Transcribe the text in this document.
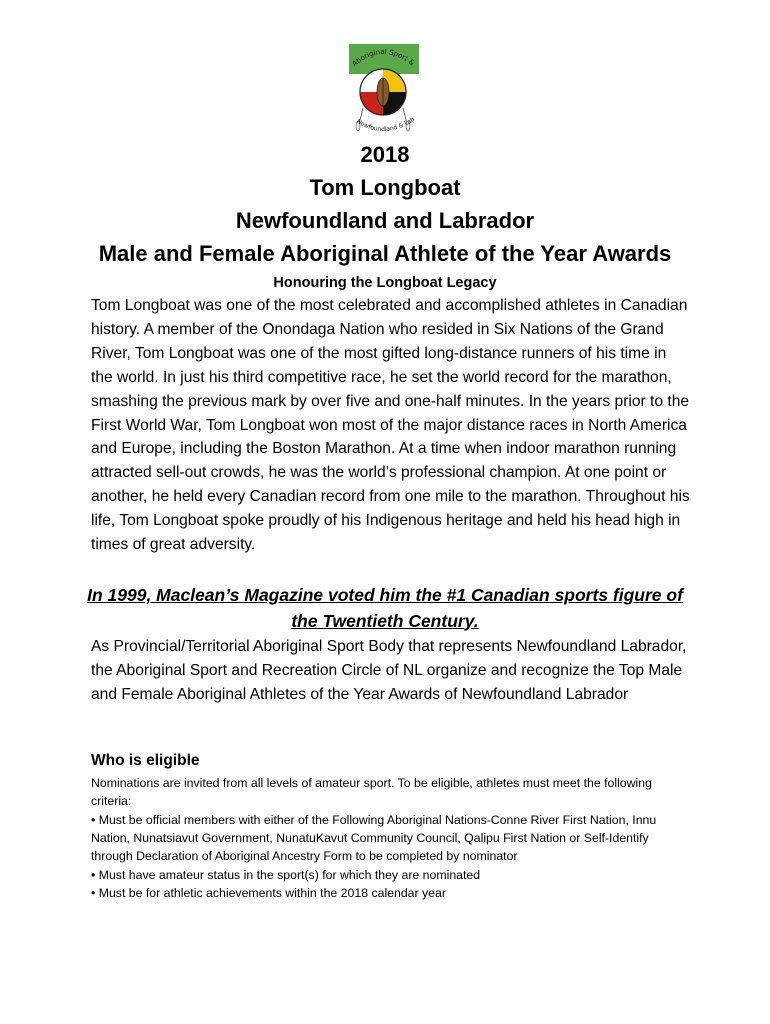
Aboriginal Sport &
Newfoundland & Lab
2018
Tom Longboat
Newfoundland and Labrador
Male and Female Aboriginal Athlete of the Year Awards
Honouring the Longboat Legacy

Tom Longboat was one of the most celebrated and accomplished athletes in Canadian history. A member of the Onondaga Nation who resided in Six Nations of the Grand River, Tom Longboat was one of the most gifted long-distance runners of his time in the world. In just his third competitive race, he set the world record for the marathon, smashing the previous mark by over five and one-half minutes. In the years prior to the First World War, Tom Longboat won most of the major distance races in North America and Europe, including the Boston Marathon. At a time when indoor marathon running attracted sell-out crowds, he was the world’s professional champion. At one point or another, he held every Canadian record from one mile to the marathon. Throughout his life, Tom Longboat spoke proudly of his Indigenous heritage and held his head high in times of great adversity.

In 1999, Maclean’s Magazine voted him the #1 Canadian sports figure of the Twentieth Century.

As Provincial/Territorial Aboriginal Sport Body that represents Newfoundland Labrador, the Aboriginal Sport and Recreation Circle of NL organize and recognize the Top Male and Female Aboriginal Athletes of the Year Awards of Newfoundland Labrador

Who is eligible

Nominations are invited from all levels of amateur sport. To be eligible, athletes must meet the following criteria:

• Must be official members with either of the Following Aboriginal Nations-Conne River First Nation, Innu Nation, Nunatsiavut Government, NunatuKavut Community Council, Qalipu First Nation or Self-Identify through Declaration of Aboriginal Ancestry Form to be completed by nominator
• Must have amateur status in the sport(s) for which they are nominated
• Must be for athletic achievements within the 2018 calendar year
